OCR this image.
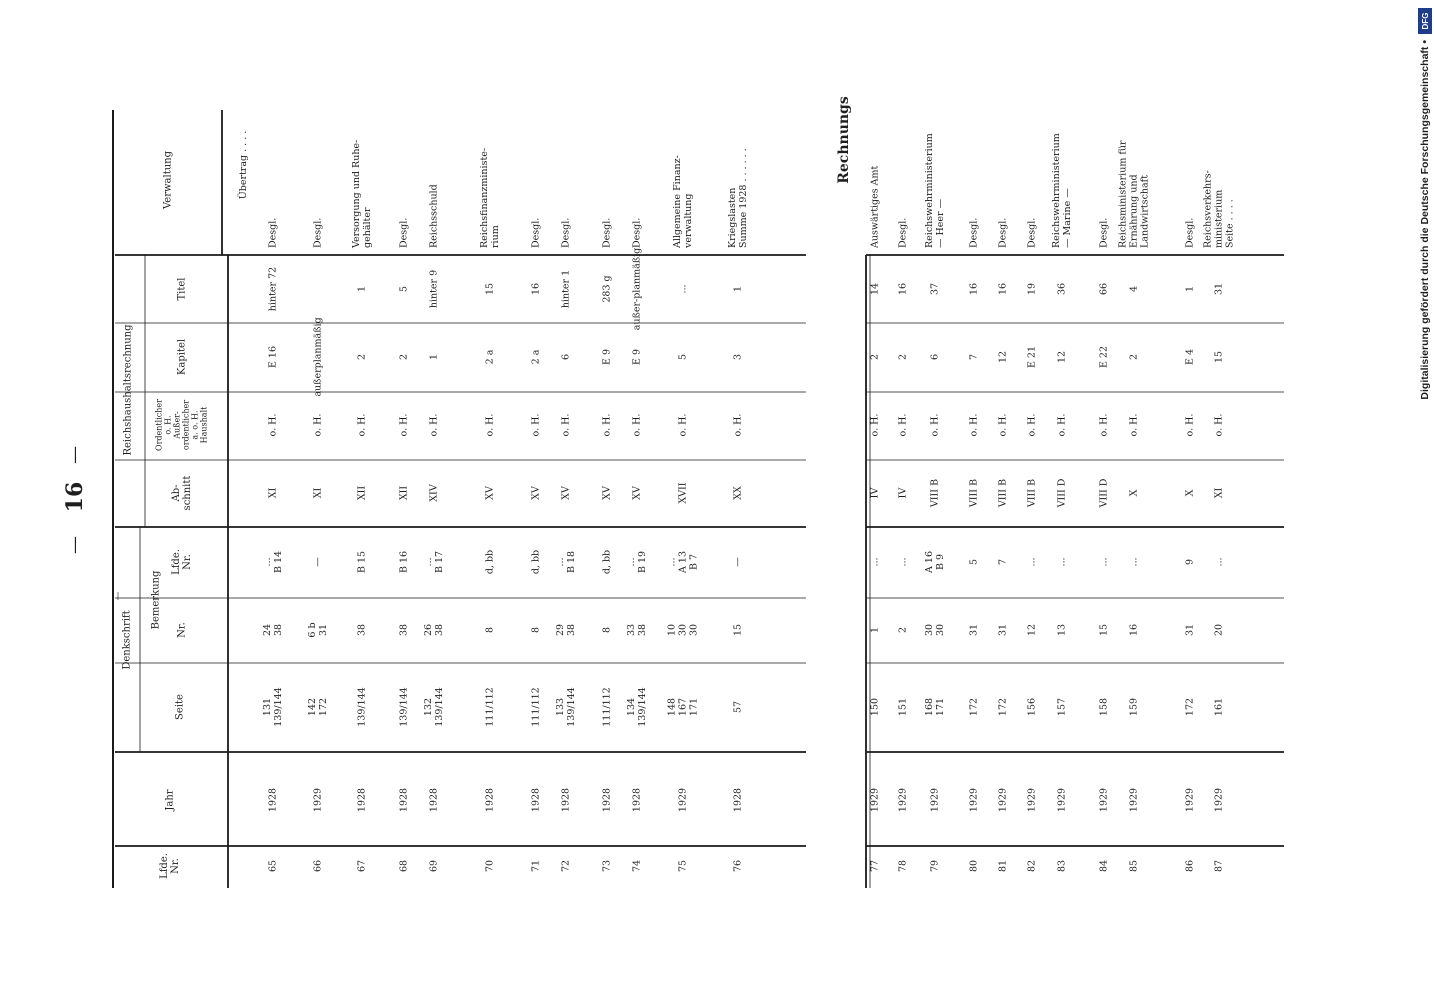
—
16
—
Lfde. Nr.
Jahr
Denkschrift
Seite
Bemerkung
Nr.
Lfde. Nr.
Reichshaushaltsrechnung
Ab- schnitt
Ordentlicher o. H. Außer- ordentlicher a. o. H. Haushalt
Kapitel
Titel
Verwaltung
65
1928
131 139/144
24 38
... B 14
XI
o. H.
E 16
hinter 72
Desgl.
66
1929
142 172
6 b 31
—
XI
o. H.
außerplanmäßig
Desgl.
67
1928
139/144
38
B 15
XII
o. H.
2
1
Versorgung und Ruhe- gehälter
68
1928
139/144
38
B 16
XII
o. H.
2
5
Desgl.
69
1928
132 139/144
26 38
... B 17
XIV
o. H.
1
hinter 9
Reichsschuld
70
1928
111/112
8
d, bb
XV
o. H.
2 a
15
Reichsfinanzministe- rium
71
1928
111/112
8
d, bb
XV
o. H.
2 a
16
Desgl.
72
1928
133 139/144
29 38
... B 18
XV
o. H.
6
hinter 1
Desgl.
73
1928
111/112
8
d, bb
XV
o. H.
E 9
283 g
Desgl.
74
1928
134 139/144
33 38
... B 19
XV
o. H.
E 9
außer-planmäßig
Desgl.
75
1929
148 167 171
10 30 30
... A 13 B 7
XVII
o. H.
5
...
Allgemeine Finanz- verwaltung
76
1928
57
15
—
XX
o. H.
3
1
Kriegslasten Summe 1928 . . . . . .
77
1929
150
1
...
IV
o. H.
2
14
Auswärtiges Amt
78
1929
151
2
...
IV
o. H.
2
16
Desgl.
79
1929
168 171
30 30
A 16 B 9
VIII B
o. H.
6
37
Reichswehrministerium — Heer —
80
1929
172
31
5
VIII B
o. H.
7
16
Desgl.
81
1929
172
31
7
VIII B
o. H.
12
16
Desgl.
82
1929
156
12
...
VIII B
o. H.
E 21
19
Desgl.
83
1929
157
13
...
VIII D
o. H.
12
36
Reichswehrministerium — Marine —
84
1929
158
15
...
VIII D
o. H.
E 22
66
Desgl.
85
1929
159
16
...
X
o. H.
2
4
Reichsministerium für Ernährung und Landwirtschaft
86
1929
172
31
9
X
o. H.
E 4
1
Desgl.
87
1929
161
20
...
XI
o. H.
15
31
Reichsverkehrs- ministerium Seite . . . .
Rechnungs
Übertrag . . . .
DFG
Digitalisierung gefördert durch die Deutsche Forschungsgemeinschaft •
